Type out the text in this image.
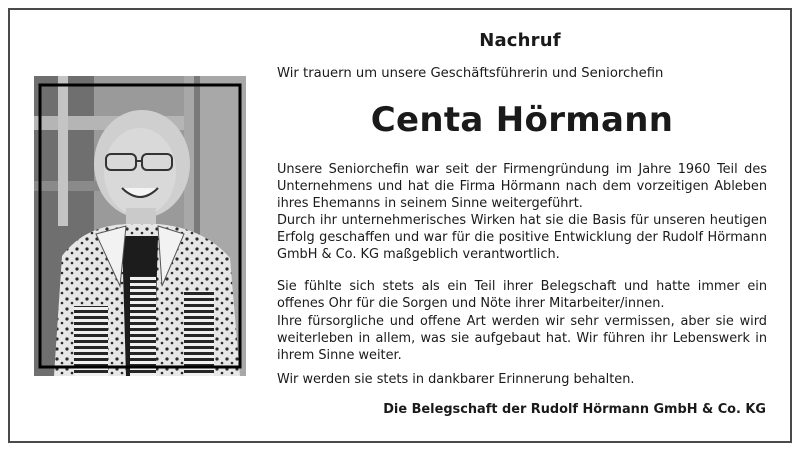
Nachruf
Wir trauern um unsere Geschäftsführerin und Seniorchefin
Centa Hörmann

Unsere Seniorchefin war seit der Firmengründung im Jahre 1960 Teil des Unternehmens und hat die Firma Hörmann nach dem vorzeitigen Ableben ihres Ehemanns in seinem Sinne weitergeführt.

Durch ihr unternehmerisches Wirken hat sie die Basis für unseren heutigen Erfolg geschaffen und war für die positive Entwicklung der Rudolf Hörmann GmbH & Co. KG maßgeblich verantwortlich.

Sie fühlte sich stets als ein Teil ihrer Belegschaft und hatte immer ein offenes Ohr für die Sorgen und Nöte ihrer Mitarbeiter/innen.

Ihre fürsorgliche und offene Art werden wir sehr vermissen, aber sie wird weiterleben in allem, was sie aufgebaut hat. Wir führen ihr Lebenswerk in ihrem Sinne weiter.

Wir werden sie stets in dankbarer Erinnerung behalten.

Die Belegschaft der Rudolf Hörmann GmbH & Co. KG
